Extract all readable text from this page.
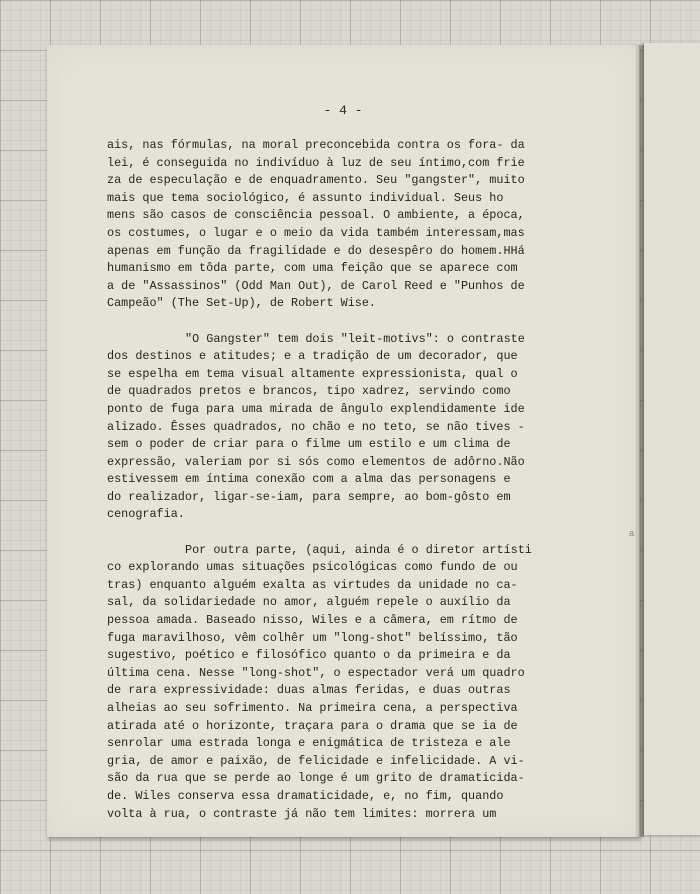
- 4 -

ais, nas fórmulas, na moral preconcebida contra os fora- da
lei, é conseguida no indivíduo à luz de seu íntimo,com frie
za de especulação e de enquadramento. Seu "gangster", muito
mais que tema sociológico, é assunto individual. Seus ho
mens são casos de consciência pessoal. O ambiente, a época,
os costumes, o lugar e o meio da vida também interessam,mas
apenas em função da fragilidade e do desespêro do homem.HHá
humanismo em tôda parte, com uma feição que se aparece com
a de "Assassinos" (Odd Man Out), de Carol Reed e "Punhos de
Campeão" (The Set-Up), de Robert Wise.

"O Gangster" tem dois "leit-motivs": o contraste
dos destinos e atitudes; e a tradição de um decorador, que
se espelha em tema visual altamente expressionista, qual o
de quadrados pretos e brancos, tipo xadrez, servindo como
ponto de fuga para uma mirada de ângulo explendidamente ide
alizado. Êsses quadrados, no chão e no teto, se não tives -
sem o poder de criar para o filme um estilo e um clima de
expressão, valeriam por si sós como elementos de adôrno.Não
estivessem em íntima conexão com a alma das personagens e
do realizador, ligar-se-iam, para sempre, ao bom-gôsto em
cenografia.

Por outra parte, (aqui, ainda é o diretor artísti
co explorando umas situações psicológicas como fundo de ou
tras) enquanto alguém exalta as virtudes da unidade no ca-
sal, da solidariedade no amor, alguém repele o auxílio da
pessoa amada. Baseado nisso, Wiles e a câmera, em rítmo de
fuga maravilhoso, vêm colhêr um "long-shot" belíssimo, tão
sugestivo, poético e filosófico quanto o da primeira e da
última cena. Nesse "long-shot", o espectador verá um quadro
de rara expressividade: duas almas feridas, e duas outras
alheias ao seu sofrimento. Na primeira cena, a perspectiva
atirada até o horizonte, traçara para o drama que se ia de
senrolar uma estrada longa e enigmática de tristeza e ale
gria, de amor e paixão, de felicidade e infelicidade. A vi-
são da rua que se perde ao longe é um grito de dramaticida-
de. Wiles conserva essa dramaticidade, e, no fim, quando
volta à rua, o contraste já não tem limites: morrera um

a
